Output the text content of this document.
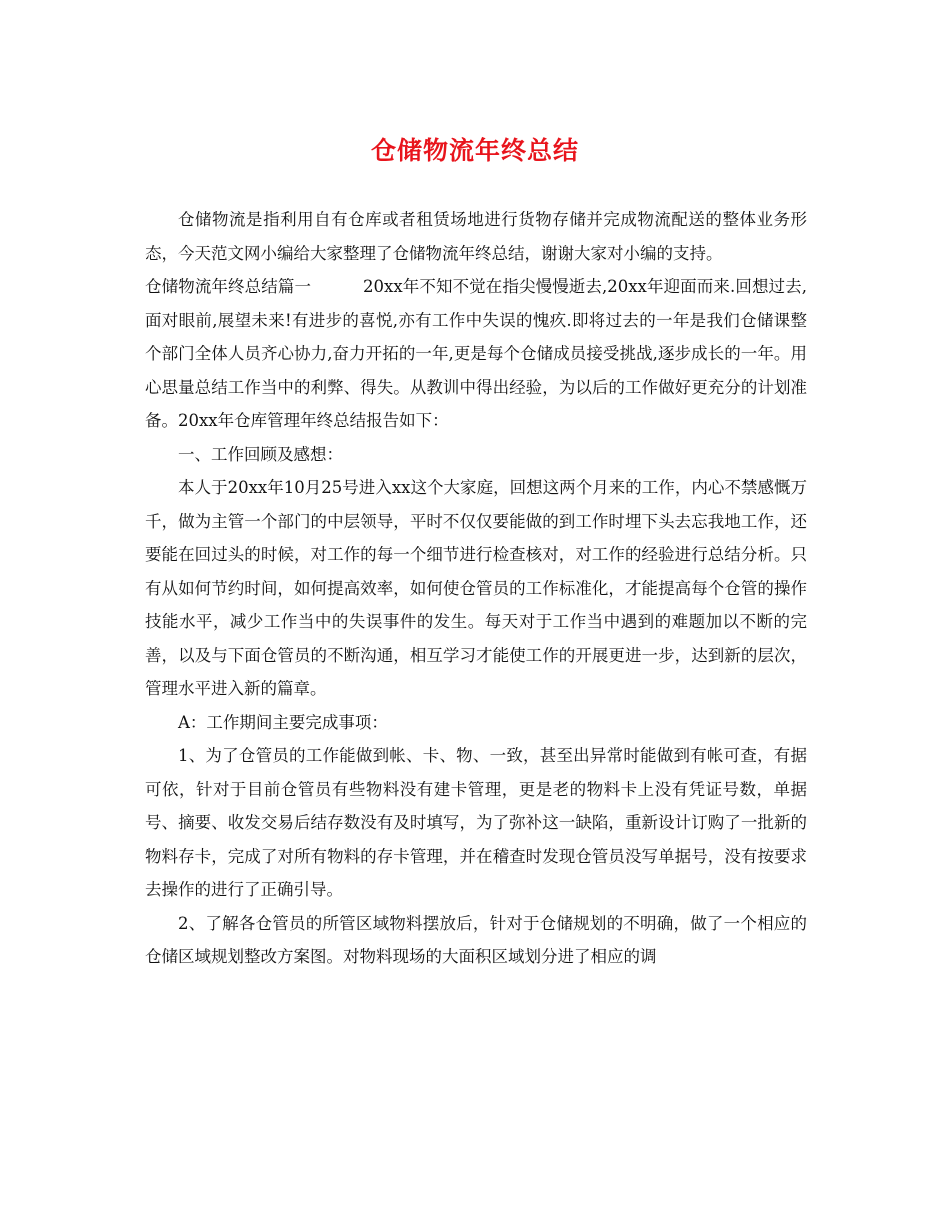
仓储物流年终总结

仓储物流是指利用自有仓库或者租赁场地进行货物存储并完成物流配送的整体业务形态，今天范文网小编给大家整理了仓储物流年终总结，谢谢大家对小编的支持。

仓储物流年终总结篇一	20xx年不知不觉在指尖慢慢逝去,20xx年迎面而来.回想过去,面对眼前,展望未来!有进步的喜悦,亦有工作中失误的愧疚.即将过去的一年是我们仓储课整个部门全体人员齐心协力,奋力开拓的一年,更是每个仓储成员接受挑战,逐步成长的一年。用心思量总结工作当中的利弊、得失。从教训中得出经验，为以后的工作做好更充分的计划准备。20xx年仓库管理年终总结报告如下：

一、工作回顾及感想：

本人于20xx年10月25号进入xx这个大家庭，回想这两个月来的工作，内心不禁感慨万千，做为主管一个部门的中层领导，平时不仅仅要能做的到工作时埋下头去忘我地工作，还要能在回过头的时候，对工作的每一个细节进行检查核对，对工作的经验进行总结分析。只有从如何节约时间，如何提高效率，如何使仓管员的工作标准化，才能提高每个仓管的操作技能水平，减少工作当中的失误事件的发生。每天对于工作当中遇到的难题加以不断的完善，以及与下面仓管员的不断沟通，相互学习才能使工作的开展更进一步，达到新的层次，管理水平进入新的篇章。

A：工作期间主要完成事项：

1、为了仓管员的工作能做到帐、卡、物、一致，甚至出异常时能做到有帐可查，有据可依，针对于目前仓管员有些物料没有建卡管理，更是老的物料卡上没有凭证号数，单据号、摘要、收发交易后结存数没有及时填写，为了弥补这一缺陷，重新设计订购了一批新的物料存卡，完成了对所有物料的存卡管理，并在稽查时发现仓管员没写单据号，没有按要求去操作的进行了正确引导。

2、了解各仓管员的所管区域物料摆放后，针对于仓储规划的不明确，做了一个相应的仓储区域规划整改方案图。对物料现场的大面积区域划分进了相应的调
